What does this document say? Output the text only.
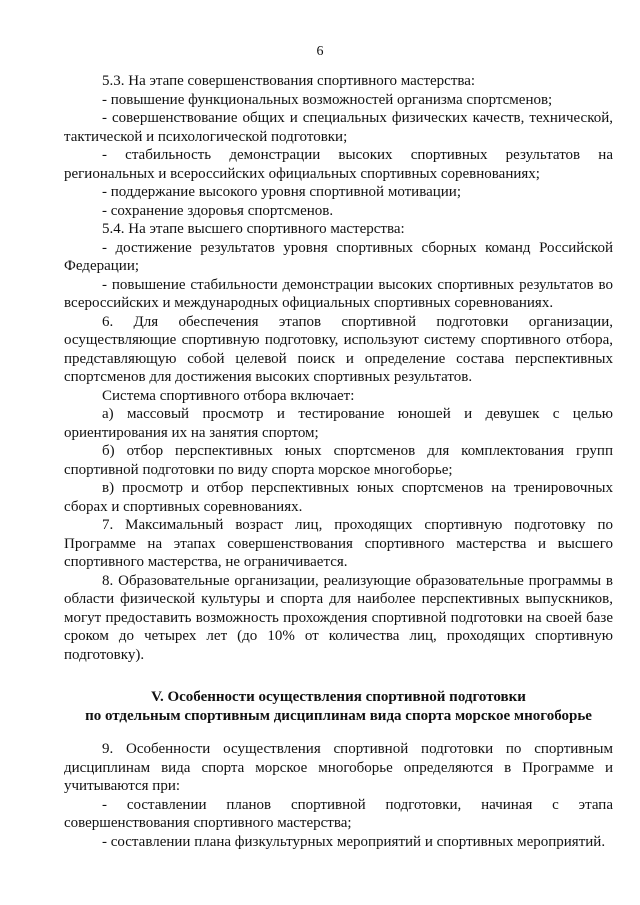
6

5.3. На этапе совершенствования спортивного мастерства:

- повышение функциональных возможностей организма спортсменов;

- совершенствование общих и специальных физических качеств, технической, тактической и психологической подготовки;

- стабильность демонстрации высоких спортивных результатов на региональных и всероссийских официальных спортивных соревнованиях;

- поддержание высокого уровня спортивной мотивации;

- сохранение здоровья спортсменов.

5.4. На этапе высшего спортивного мастерства:

- достижение результатов уровня спортивных сборных команд Российской Федерации;

- повышение стабильности демонстрации высоких спортивных результатов во всероссийских и международных официальных спортивных соревнованиях.

6. Для обеспечения этапов спортивной подготовки организации, осуществляющие спортивную подготовку, используют систему спортивного отбора, представляющую собой целевой поиск и определение состава перспективных спортсменов для достижения высоких спортивных результатов.

Система спортивного отбора включает:

а) массовый просмотр и тестирование юношей и девушек с целью ориентирования их на занятия спортом;

б) отбор перспективных юных спортсменов для комплектования групп спортивной подготовки по виду спорта морское многоборье;

в) просмотр и отбор перспективных юных спортсменов на тренировочных сборах и спортивных соревнованиях.

7. Максимальный возраст лиц, проходящих спортивную подготовку по Программе на этапах совершенствования спортивного мастерства и высшего спортивного мастерства, не ограничивается.

8. Образовательные организации, реализующие образовательные программы в области физической культуры и спорта для наиболее перспективных выпускников, могут предоставить возможность прохождения спортивной подготовки на своей базе сроком до четырех лет (до 10% от количества лиц, проходящих спортивную подготовку).

V. Особенности осуществления спортивной подготовки

по отдельным спортивным дисциплинам вида спорта морское многоборье

9. Особенности осуществления спортивной подготовки по спортивным дисциплинам вида спорта морское многоборье определяются в Программе и учитываются при:

- составлении планов спортивной подготовки, начиная с этапа совершенствования спортивного мастерства;

- составлении плана физкультурных мероприятий и спортивных мероприятий.
